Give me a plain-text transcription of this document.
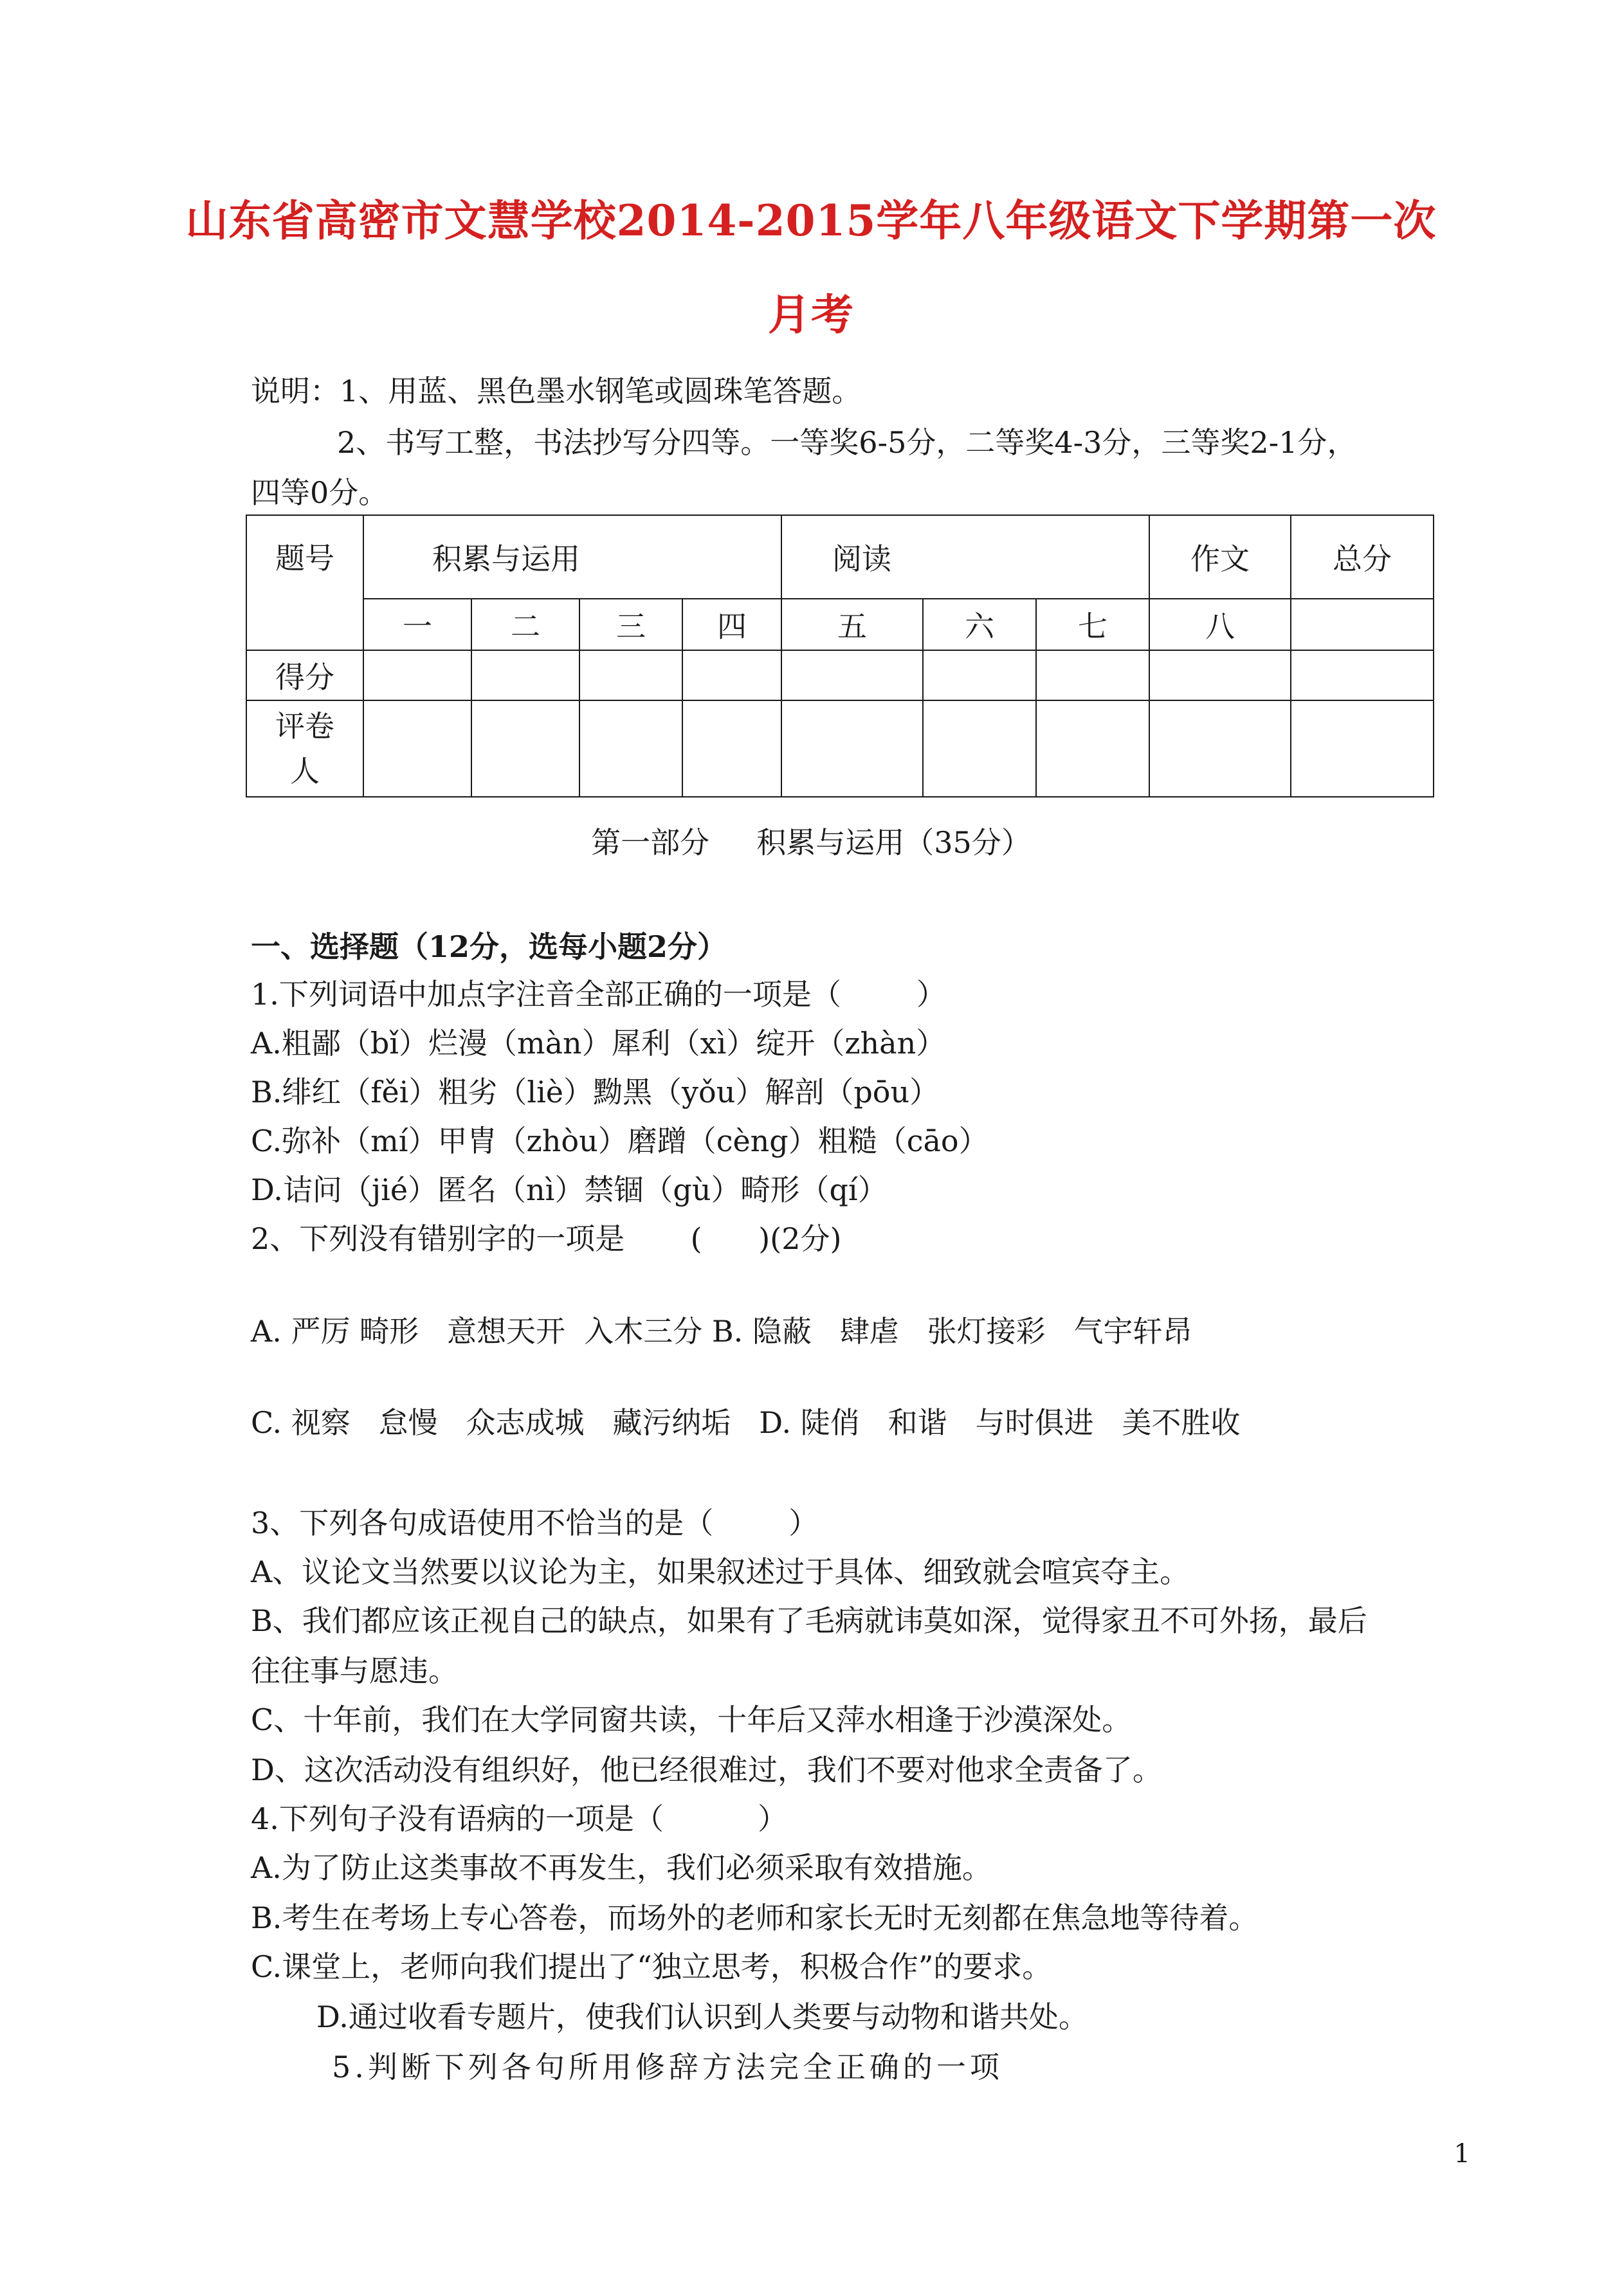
山东省高密市文慧学校2014-2015学年八年级语文下学期第一次
月考
说明：1、用蓝、黑色墨水钢笔或圆珠笔答题。
2、书写工整，书法抄写分四等。一等奖6-5分，二等奖4-3分，三等奖2-1分，
四等0分。
题号	积累与运用				阅读			作文	总分
	一	二	三	四	五	六	七	八	
得分									

评卷
人									

第一部分     积累与运用（35分）
一、选择题（12分，选每小题2分）
1.下列词语中加点字注音全部正确的一项是（        ）
A.粗鄙（bǐ）烂漫（màn）犀利（xì）绽开（zhàn）
B.绯红（fěi）粗劣（liè）黝黑（yǒu）解剖（pōu）
C.弥补（mí）甲胄（zhòu）磨蹭（cèng）粗糙（cāo）
D.诘问（jié）匿名（nì）禁锢（gù）畸形（qí）
2、下列没有错别字的一项是       (      )(2分)
A. 严厉 畸形   意想天开  入木三分 B. 隐蔽   肆虐   张灯接彩   气宇轩昂
C. 视察   怠慢   众志成城   藏污纳垢   D. 陡俏   和谐   与时俱进   美不胜收
3、下列各句成语使用不恰当的是（        ）
A、议论文当然要以议论为主，如果叙述过于具体、细致就会喧宾夺主。
B、我们都应该正视自己的缺点，如果有了毛病就讳莫如深，觉得家丑不可外扬，最后
往往事与愿违。
C、十年前，我们在大学同窗共读，十年后又萍水相逢于沙漠深处。
D、这次活动没有组织好，他已经很难过，我们不要对他求全责备了。
4.下列句子没有语病的一项是（          ）
A.为了防止这类事故不再发生，我们必须采取有效措施。
B.考生在考场上专心答卷，而场外的老师和家长无时无刻都在焦急地等待着。
C.课堂上，老师向我们提出了“独立思考，积极合作”的要求。
D.通过收看专题片，使我们认识到人类要与动物和谐共处。
5.判断下列各句所用修辞方法完全正确的一项
1
